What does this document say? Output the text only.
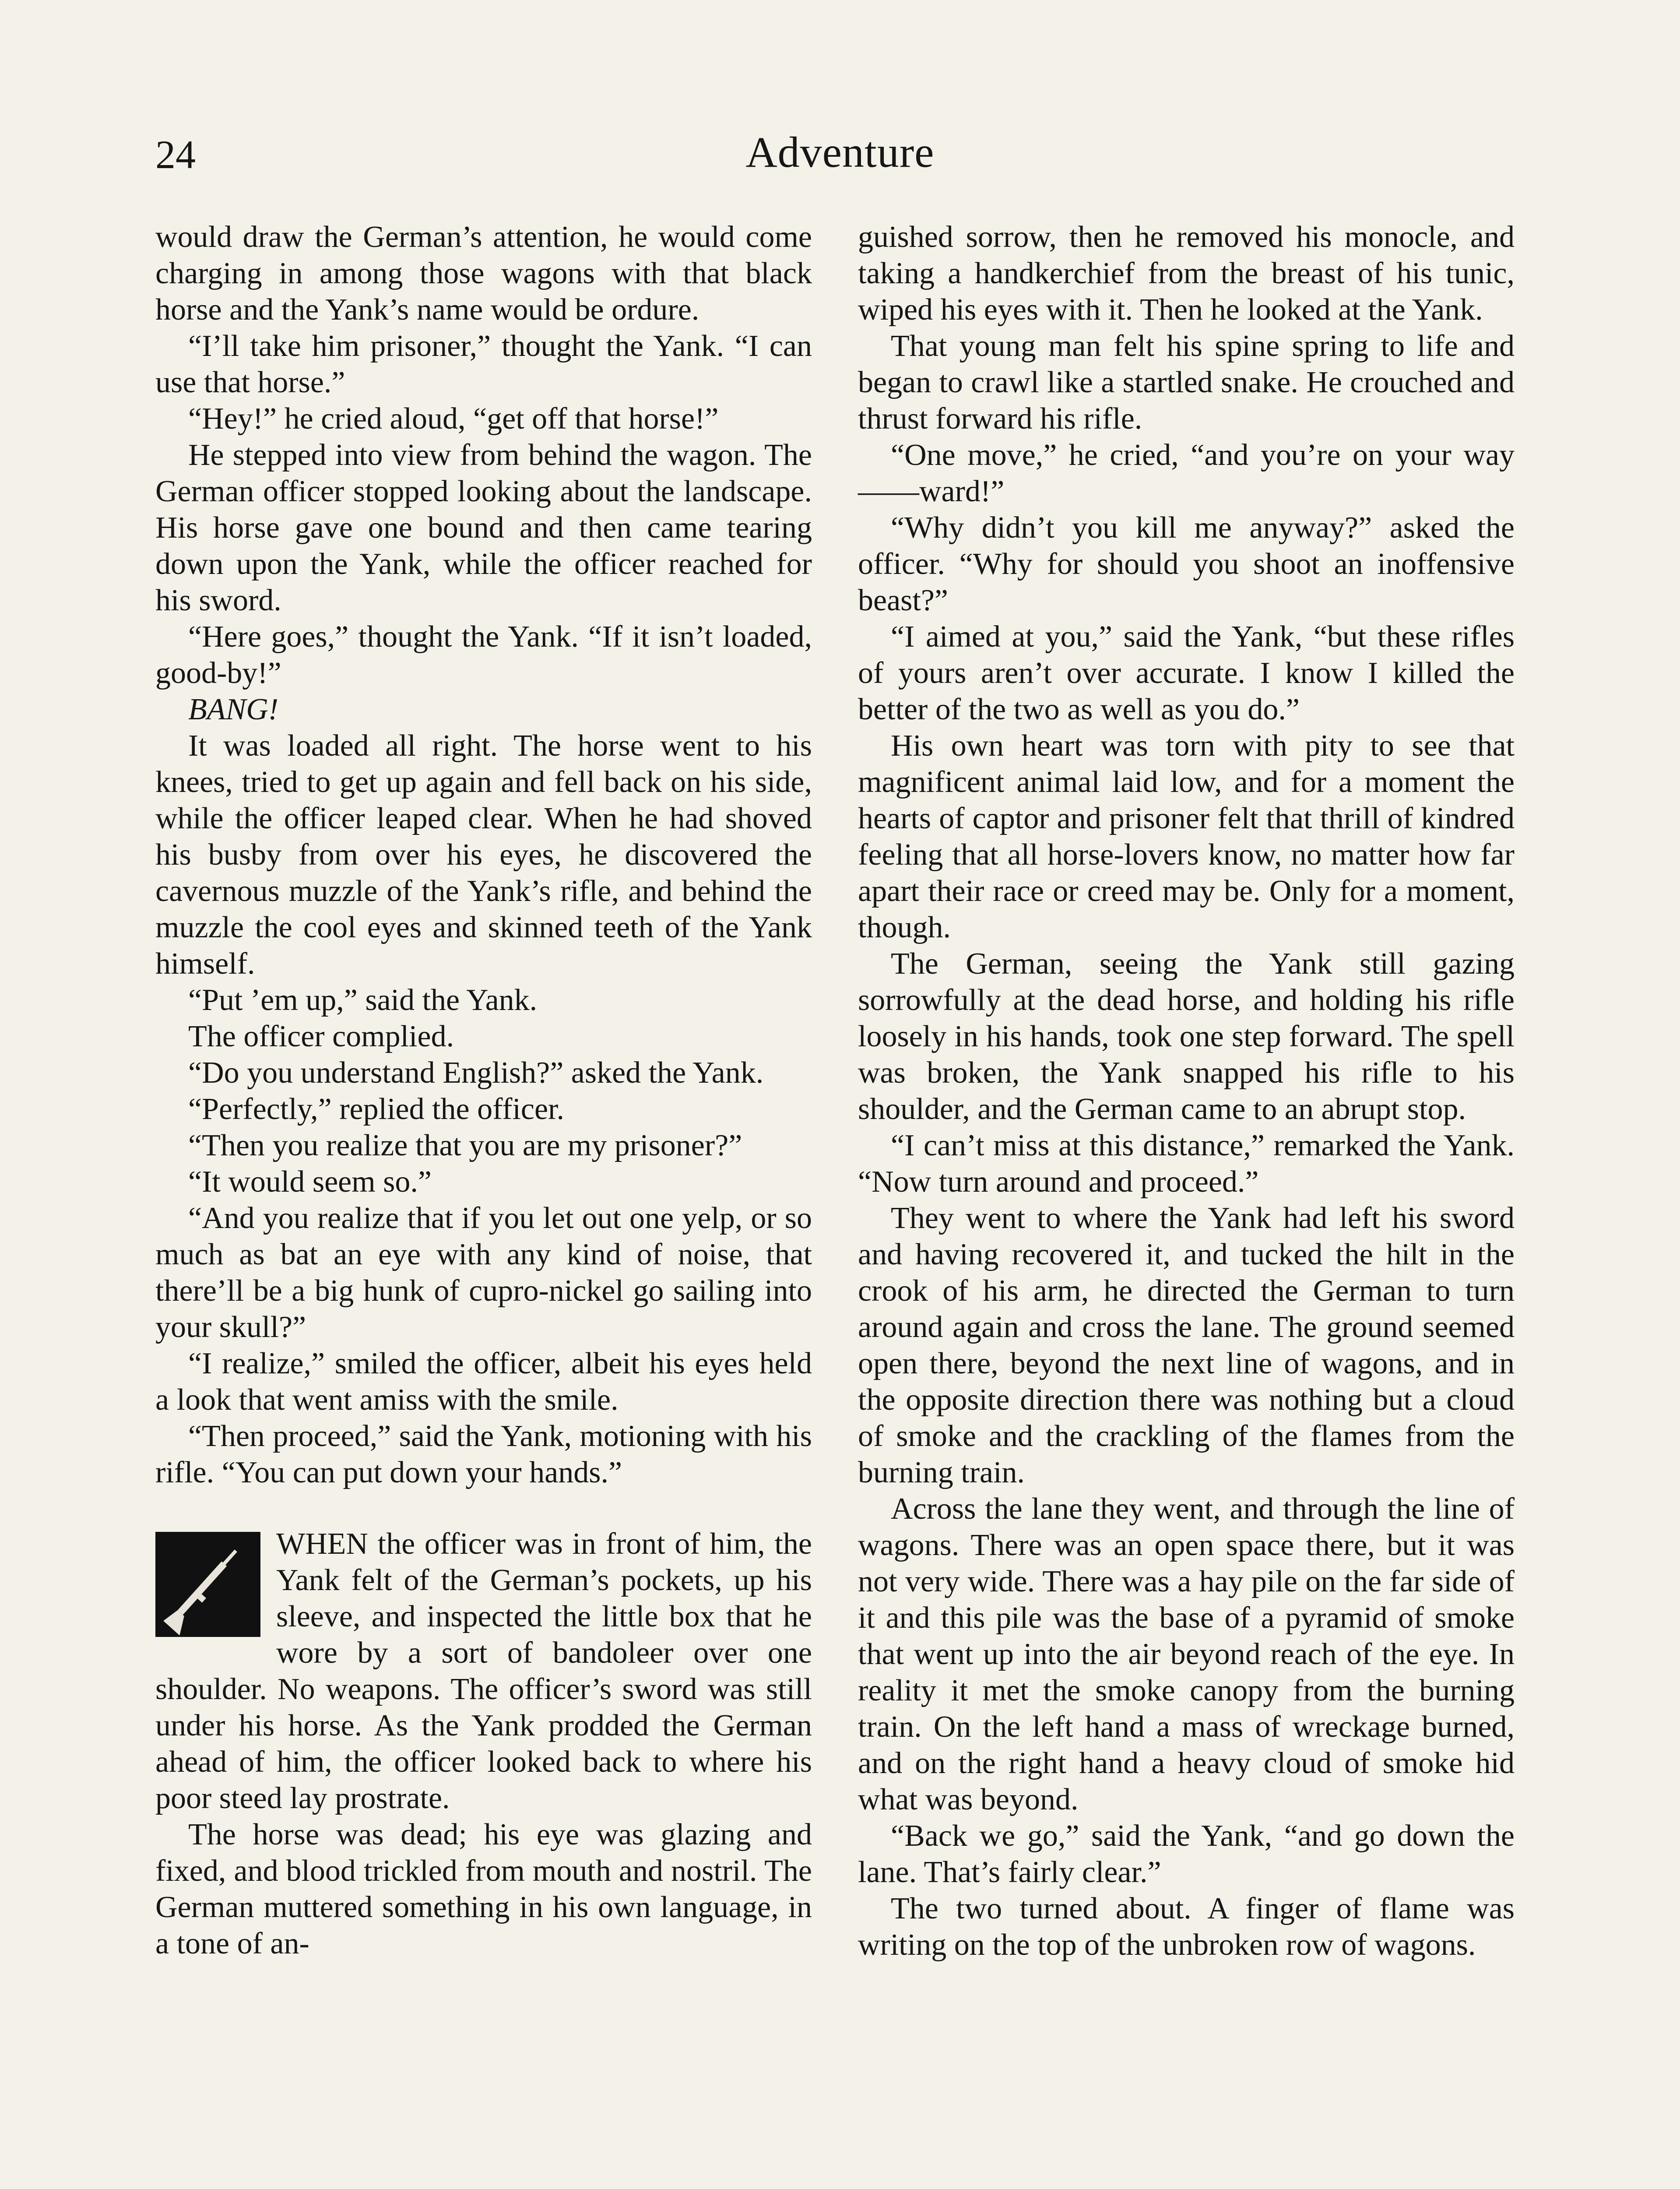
24	Adventure

would draw the German’s attention, he would come charging in among those wagons with that black horse and the Yank’s name would be ordure.

“I’ll take him prisoner,” thought the Yank. “I can use that horse.”

“Hey!” he cried aloud, “get off that horse!”

He stepped into view from behind the wagon. The German officer stopped looking about the landscape. His horse gave one bound and then came tearing down upon the Yank, while the officer reached for his sword.

“Here goes,” thought the Yank. “If it isn’t loaded, good-by!”

BANG!

It was loaded all right. The horse went to his knees, tried to get up again and fell back on his side, while the officer leaped clear. When he had shoved his busby from over his eyes, he discovered the cavernous muzzle of the Yank’s rifle, and behind the muzzle the cool eyes and skinned teeth of the Yank himself.

“Put ’em up,” said the Yank.

The officer complied.

“Do you understand English?” asked the Yank.

“Perfectly,” replied the officer.

“Then you realize that you are my prisoner?”

“It would seem so.”

“And you realize that if you let out one yelp, or so much as bat an eye with any kind of noise, that there’ll be a big hunk of cupro-nickel go sailing into your skull?”

“I realize,” smiled the officer, albeit his eyes held a look that went amiss with the smile.

“Then proceed,” said the Yank, motioning with his rifle. “You can put down your hands.”

WHEN the officer was in front of him, the Yank felt of the German’s pockets, up his sleeve, and inspected the little box that he wore by a sort of bandoleer over one shoulder. No weapons. The officer’s sword was still under his horse. As the Yank prodded the German ahead of him, the officer looked back to where his poor steed lay prostrate.

The horse was dead; his eye was glazing and fixed, and blood trickled from mouth and nostril. The German muttered something in his own language, in a tone of an-

guished sorrow, then he removed his monocle, and taking a handkerchief from the breast of his tunic, wiped his eyes with it. Then he looked at the Yank.

That young man felt his spine spring to life and began to crawl like a startled snake. He crouched and thrust forward his rifle.

“One move,” he cried, “and you’re on your way ——ward!”

“Why didn’t you kill me anyway?” asked the officer. “Why for should you shoot an inoffensive beast?”

“I aimed at you,” said the Yank, “but these rifles of yours aren’t over accurate. I know I killed the better of the two as well as you do.”

His own heart was torn with pity to see that magnificent animal laid low, and for a moment the hearts of captor and prisoner felt that thrill of kindred feeling that all horse-lovers know, no matter how far apart their race or creed may be. Only for a moment, though.

The German, seeing the Yank still gazing sorrowfully at the dead horse, and holding his rifle loosely in his hands, took one step forward. The spell was broken, the Yank snapped his rifle to his shoulder, and the German came to an abrupt stop.

“I can’t miss at this distance,” remarked the Yank. “Now turn around and proceed.”

They went to where the Yank had left his sword and having recovered it, and tucked the hilt in the crook of his arm, he directed the German to turn around again and cross the lane. The ground seemed open there, beyond the next line of wagons, and in the opposite direction there was nothing but a cloud of smoke and the crackling of the flames from the burning train.

Across the lane they went, and through the line of wagons. There was an open space there, but it was not very wide. There was a hay pile on the far side of it and this pile was the base of a pyramid of smoke that went up into the air beyond reach of the eye. In reality it met the smoke canopy from the burning train. On the left hand a mass of wreckage burned, and on the right hand a heavy cloud of smoke hid what was beyond.

“Back we go,” said the Yank, “and go down the lane. That’s fairly clear.”

The two turned about. A finger of flame was writing on the top of the unbroken row of wagons.
